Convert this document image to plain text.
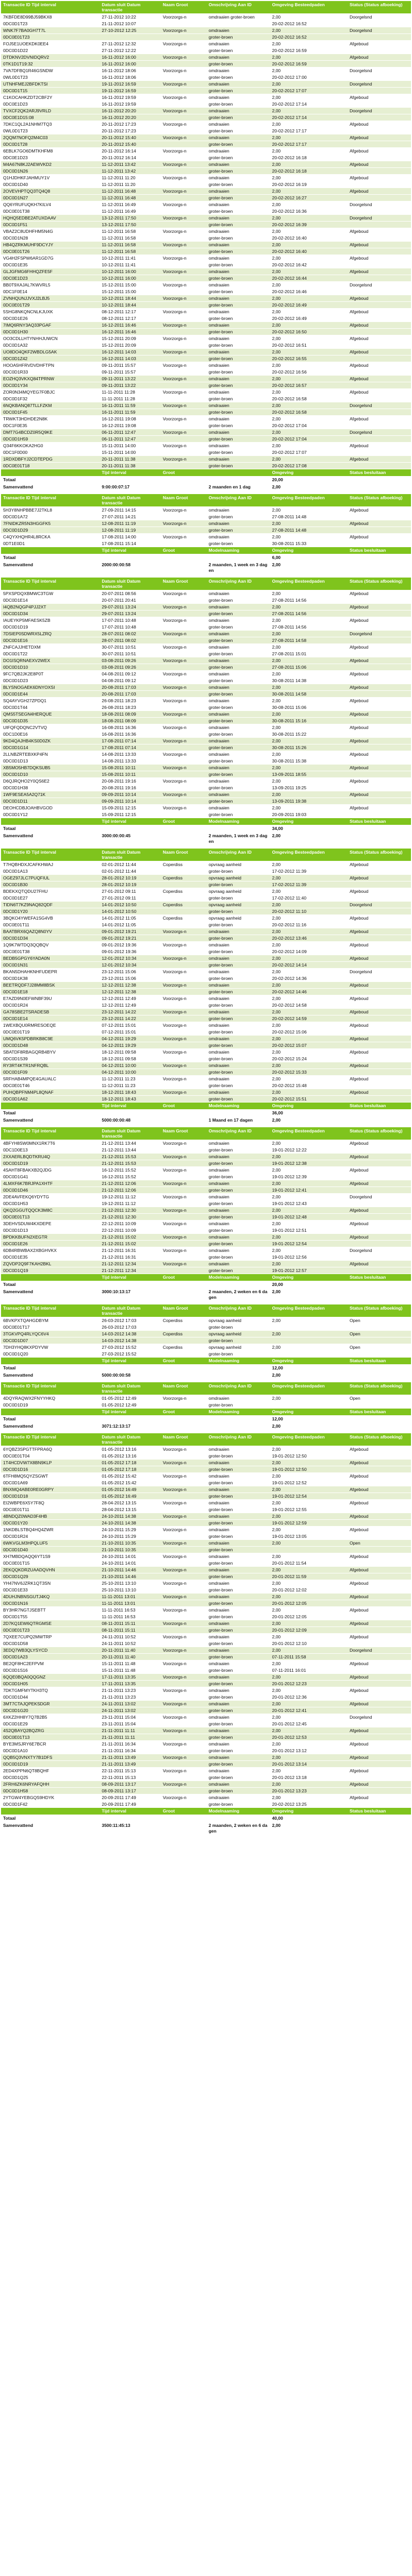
Transactie ID Tijd interval	Datum sluit Datum transactie	Naam Groot	Omschrijving Aan ID	Omgeving Besteedpaden	Status (Status afboeking)
7KBFDE8D99BJ59BKX8	27-11-2012 10:22	Voorzorgs-n	omdraaien groter-broen	2,00	Doorgelsnd
0DC0D1T23	21-11-2012 10:07			20-02-2012 16:52	
WNK7F7BA0GH7T7L	27-10-2012 12:25	Voorzorgs-n	omdraaien	2,00	Doorgelsnd
0DC0E01T23			groter-broen	20-02-2012 16:52	
FOJ5E1UOEKDK0EE4	27-11-2012 12:32	Voorzorgs-n	omdraaien	2,00	Afgeboud
0DC0D1D22	27-11-2012 12:22		groter-broen	20-02-2012 16:59	
DTDKNV2DVNIDQRV2	16-11-2012 16:00	Voorzorgs-n	omdraaien	2,00	Afgeboud
0TK1D1T19:32	16-11-2012 16:00		groter-broen	20-02-2012 16:59	
7VA7DFBQ1R46GSNDW	16-11-2012 18:06	Voorzorgs-n	omdraaien	2,00	Doorgelsnd
0WL0D1T23	16-11-2012 18:06		groter-broen	20-02-2012 17:00	
UTNHFMEJ2BFDKTSI	19-11-2012 16:59	Voorzorgs-n	omdraaien	2,00	Doorgelsnd
0DC0D1T15	19-11-2012 16:59		groter-broen	20-02-2012 17:07	
C1KOCAHKZDT2CBF2Y	16-11-2012 19:59	Voorzorgs-n	omdraaien	2,00	Afgeboud
0DC0E1D23	16-11-2012 19:59		groter-broen	20-02-2012 17:14	
TVXCF2QK2ARJ9VRLD	16-11-2012 20:20	Voorzorgs-n	omdraaien	2,00	Doorgelsnd
0DC0E1D15:08	16-11-2012 20:20		groter-broen	20-02-2012 17:14	
7DKC1QL2A1NHM7TQ3	20-11-2012 17:23	Voorzorgs-n	omdraaien	2,00	Afgeboud
0WL0D1T23	20-11-2012 17:23		groter-broen	20-02-2012 17:17	
2QQM7NOFQ2M4C03	20-11-2012 15:40	Voorzorgs-n	omdraaien	2,00	Afgeboud
0DC0D1T28	20-11-2012 15:40		groter-broen	20-02-2012 17:17	
6EBLK7GO6DMTKHFM8	20-11-2012 16:14	Voorzorgs-n	omdraaien	2,00	Afgeboud
0DC0E1D23	20-11-2012 16:14		groter-broen	20-02-2012 16:18	
M4A67N8KJ2AEWVKD2	11-12-2011 13:42	Voorzorgs-n	omdraaien	2,00	Afgeboud
0DC0D1N26	11-12-2011 13:42		groter-broen	20-02-2012 16:18	
Q1HJDHKFJAHMUY1V	11-12-2011 11:20	Voorzorgs-n	omdraaien	2,00	Afgeboud
0DC0D1D40	11-12-2011 11:20		groter-broen	20-02-2012 16:19	
2OVEVHPTQQ3TQ4Q8	11-12-2011 16:48	Voorzorgs-n	omdraaien	2,00	Afgeboud
0DC0D1N27	11-12-2011 16:48		groter-broen	20-02-2012 16:27	
QQ6YRUFUQKH7KILV4	11-12-2011 16:49	Voorzorgs-n	omdraaien	2,00	Doorgelsnd
0DC0E01T38	11-12-2011 16:49		groter-broen	20-02-2012 16:36	
HQHQ5EDBE2ATUXDAAV	13-12-2011 17:50	Voorzorgs-n	omdraaien	2,00	Doorgelsnd
0DC0D1F51	13-12-2011 17:50		groter-broen	20-02-2012 16:39	
VBAZ2C8UDHFHM5N4G	11-12-2011 16:58	Voorzorgs-n	omdraaien	2,00	Afgeboud
0DC0D1N28	11-12-2011 16:58		groter-broen	20-02-2012 16:40	
HB4QZRKMUHF9DCYJY	11-12-2011 16:58	Voorzorgs-n	omdraaien	2,00	Afgeboud
0DC0E01T26	11-12-2011 16:58		groter-broen	20-02-2012 16:40	
VG4H2FSPW6AR1GD7G	10-12-2011 11:41	Voorzorgs-n	omdraaien	2,00	Afgeboud
0DC0D1E35	10-12-2011 11:41		groter-broen	20-02-2012 16:42	
GLJGFMG6FHHQZFE5F	10-12-2011 16:00	Voorzorgs-n	omdraaien	2,00	Afgeboud
0DC0E1D23	10-12-2011 16:00		groter-broen	20-02-2012 16:44	
BB0T9XAJAL7KWVRL5	15-12-2011 15:00	Voorzorgs-n	omdraaien	2,00	Doorgelsnd
0DC1F0E14	15-12-2011 15:00		groter-broen	20-02-2012 16:46	
ZVNHQUNJJVXJ2LBJ5	10-12-2011 18:44	Voorzorgs-n	omdraaien	2,00	Afgeboud
0DC0E01T29	10-12-2011 18:44		groter-broen	20-02-2012 16:49	
5SHG8NKQNCNLKJUXK	08-12-2011 12:17	Voorzorgs-n	omdraaien	2,00	Afgeboud
0DC0D1E26	08-12-2011 12:17		groter-broen	20-02-2012 16:49	
7IMQ6RNY3AQ33PGAF	16-12-2011 16:46	Voorzorgs-n	omdraaien	2,00	Afgeboud
0DC0D1H30	16-12-2011 16:46		groter-broen	20-02-2012 16:50	
OO3CDLLHTYNHHJUWCN	15-12-2011 20:09	Voorzorgs-n	omdraaien	2,00	Afgeboud
0DC0D1A32	15-12-2011 20:09		groter-broen	20-02-2012 16:51	
UO8DO4QKF2WBDLG5AK	16-12-2011 14:03	Voorzorgs-n	omdraaien	2,00	Afgeboud
0DC0D1Z42	16-12-2011 14:03		groter-broen	20-02-2012 16:55	
HOOA5HFRVDVDHFTPN	09-11-2011 15:57	Voorzorgs-n	omdraaien	2,00	Afgeboud
0DC0D1R33	09-11-2011 15:57		groter-broen	20-02-2012 16:56	
EOZHQ3VKXQ84TPRNW	09-11-2011 13:22	Voorzorgs-n	omdraaien	2,00	Afgeboud
0DC0D1Y34	09-11-2011 13:22		groter-broen	20-02-2012 16:57	
ZOR0N34MQYEG7F0BJC	11-11-2011 11:28	Voorzorgs-n	omdraaien	2,00	Afgeboud
0DC0D1F32	11-11-2011 11:28		groter-broen	20-02-2012 16:58	
6NQKBANQ87TLLFZKM	16-11-2011 11:59	Voorzorgs-n	omdraaien	2,00	Doorgelsnd
0DC0D1F45	16-11-2011 11:59		groter-broen	20-02-2012 16:58	
TRWKT3HDHDE2N8K	16-12-2011 19:08	Voorzorgs-n	omdraaien	2,00	Afgeboud
0DC1F0E35	16-12-2011 19:08		groter-broen	20-02-2012 17:04	
DMT7G4BCDZ0R5Q9KE	06-11-2011 12:47	Voorzorgs-n	omdraaien	2,00	Doorgelsnd
0DC0D1H59	06-11-2011 12:47		groter-broen	20-02-2012 17:04	
Q34F6KKOKA2HG0	15-11-2011 14:00	Voorzorgs-n	omdraaien	2,00	Afgeboud
0DC1F0D00	15-11-2011 14:00		groter-broen	20-02-2012 17:07	
1RDXDBFYJ2CDTEPDG	20-11-2011 11:38	Voorzorgs-n	omdraaien	2,00	Afgeboud
0DC0E01T18	20-11-2011 11:38		groter-broen	20-02-2012 17:08	
	Tijd interval	Groot		Omgeving	Status besluitaan
Totaal				20,00	
Samenvattend	9:00:00:07:17		2 maanden en 1 dag	2,00	
Transactie ID Tijd interval	Datum sluit Datum transactie	Naam Groot	Omschrijving Aan ID	Omgeving Besteedpaden	Status (Status afboeking)
5H3Y8NHPBBE7J2TKL8	27-09-2011 14:15	Voorzorgs-n	omdraaien	2,00	Afgeboud
0DC0D1A72	27-07-2011 14:21		groter-broen	27-08-2011 14:48	
7FNIDKZR5N3HGGFK5	12-08-2011 11:19	Voorzorgs-n	omdraaien	2,00	Afgeboud
0DC0D1D29	12-08-2011 11:19		groter-broen	27-08-2011 14:48	
C4QYXHQHR4L8RCKA	17-08-2011 14:00	Voorzorgs-n	omdraaien	2,00	Afgeboud
0DT1E0D1	17-08-2011 15:14		groter-broen	30-08-2011 15:33	
	Tijd interval	Groot	Modelnaaming	Omgeving	Status besluitaan
Totaal				6,00	
Samenvattend	2000:00:00:58		2 maanden, 1 week en 3 dagen	2,00	
Transactie ID Tijd interval	Datum sluit Datum transactie	Naam Groot	Omschrijving Aan ID	Omgeving Besteedpaden	Status (Status afboeking)
5PXSPDQXBMWC3TGW	20-07-2011 08:56	Voorzorgs-n	omdraaien	2,00	Afgeboud
0DC0D1E14	20-07-2011 20:41		groter-broen	27-08-2011 14:56	
I4QB2NQGP4PJJ2XT	29-07-2011 13:24	Voorzorgs-n	omdraaien	2,00	Afgeboud
0DC0D1D34	29-07-2011 13:24		groter-broen	27-08-2011 14:56	
IAUEYKP5MFAESK5ZB	17-07-2011 10:48	Voorzorgs-n	omdraaien	2,00	Afgeboud
0DC0D1D19	17-07-2011 10:48		groter-broen	27-08-2011 14:56	
7DSIEP0SDWRX5LZRQ	28-07-2011 08:02	Voorzorgs-n	omdraaien	2,00	Doorgelsnd
0DC0D1E16	28-07-2011 08:02		groter-broen	27-08-2011 14:58	
ZNFCAJJHETDXM	30-07-2011 10:51	Voorzorgs-n	omdraaien	2,00	Afgeboud
0DC0D1T22	30-07-2011 10:51		groter-broen	27-08-2011 15:01	
DO1ISQRNAEXV2WEX	03-08-2011 09:26	Voorzorgs-n	omdraaien	2,00	Afgeboud
0DC0D1D10	03-08-2011 09:26		groter-broen	27-08-2011 15:06	
9FC7QB2JK2E8P0T	04-08-2011 09:12	Voorzorgs-n	omdraaien	2,00	Afgeboud
0DC0D1D23	04-08-2011 09:12		groter-broen	30-08-2011 14:38	
BLYSNOGAEK6DNYOXSI	20-08-2011 17:03	Voorzorgs-n	omdraaien	2,00	Afgeboud
0DC0D1E44	20-08-2011 17:03		groter-broen	30-08-2011 14:58	
SQ4AYVGH27ZPDQ1	26-08-2011 18:23	Voorzorgs-n	omdraaien	2,00	Afgeboud
0DC0D1T44	26-08-2011 18:23		groter-broen	30-08-2011 15:06	
QMS5TSEGN4HERQUE	18-08-2011 08:09	Voorzorgs-n	omdraaien	2,00	Afgeboud
0DC0D1D35	18-08-2011 08:09		groter-broen	30-08-2011 15:16	
UIFQFQDQNC2VTVQ	16-08-2011 16:36	Voorzorgs-n	omdraaien	2,00	Afgeboud
0DC1D0E16	16-08-2011 16:36		groter-broen	30-08-2011 15:22	
9KD4QAJHB4KS0D0ZK	17-08-2011 07:14	Voorzorgs-n	omdraaien	2,00	Afgeboud
0DC0D1G14	17-08-2011 07:14		groter-broen	30-08-2011 15:26	
2LLNBZRTEBXKP4FN	14-08-2011 13:33	Voorzorgs-n	omdraaien	2,00	Afgeboud
0DC0D1D13	14-08-2011 13:33		groter-broen	30-08-2011 15:38	
XB5MO5HB7DQKSUB5	15-08-2011 10:11	Voorzorgs-n	omdraaien	2,00	Afgeboud
0DC0D1D10	15-08-2011 10:11		groter-broen	13-09-2011 18:55	
D6QJRQHO2Y0QS6E2	20-08-2011 19:16	Voorzorgs-n	omdraaien	2,00	Afgeboud
0DC0D1H38	20-08-2011 19:16		groter-broen	13-09-2011 19:25	
1WF9ESEA5A2Q71K	09-09-2011 10:14	Voorzorgs-n	omdraaien	2,00	Afgeboud
0DC0D1D11	09-09-2011 10:14		groter-broen	13-09-2011 19:38	
DEOHCDBJOAHBVGOD	15-09-2011 12:15	Voorzorgs-n	omdraaien	2,00	Afgeboud
0DC0D1Y12	15-09-2011 12:15		groter-broen	20-09-2011 19:03	
	Tijd interval	Groot	Modelnaaming	Omgeving	Status besluitaan
Totaal				34,00	
Samenvattend	3000:00:00:45		2 maanden, 1 week en 3 dagen	2,00	
Transactie ID Tijd interval	Datum sluit Datum transactie	Naam Groot	Omschrijving Aan ID	Omgeving Besteedpaden	Status (Status afboeking)
T7HQBHDXJCAFKHWAJ	02-01-2012 11:44	Coperdiss	opvraag aanheid	2,00	Afgeboud
0DC0D1A13	02-01-2012 11:44		groter-broen	17-02-2012 11:39	
OGEZ97JLC7PUQFIUL	28-01-2012 10:19	Coperdiss	opvraag aanheid	2,00	Afgeboud
0DC0D1B30	28-01-2012 10:19		groter-broen	17-02-2012 11:39	
BDEKXQTQDU27FHU	27-01-2012 09:11	Coperdiss	opvraag aanheid	2,00	Afgeboud
0DC0D1E27	27-01-2012 09:11		groter-broen	17-02-2012 11:40	
TIDN6T7KZ9NAQ82QDF	14-01-2012 10:50	Coperdiss	opvraag aanheid	2,00	Doorgelsnd
0DC0D1Y20	14-01-2012 10:50		groter-broen	20-02-2012 11:10	
3BQKO4YWEFA1SG4VB	14-01-2012 11:05	Coperdiss	opvraag aanheid	2,00	Afgeboud
0DC0E01T11	14-01-2012 11:05		groter-broen	20-02-2012 11:16	
BAATBRX6QAZQ8N0YV	09-01-2012 19:21	Voorzorgs-n	omdraaien	2,00	Afgeboud
0DC0D1D34	09-01-2012 19:21		groter-broen	20-02-2012 13:46	
1Q9K7WTDQ3QQBQV	09-01-2012 19:36	Voorzorgs-n	omdraaien	2,00	Afgeboud
0DC0E01T38	09-01-2012 19:36		groter-broen	20-02-2012 14:09	
BEDB5GPGY6YADA0N	12-01-2012 10:34	Voorzorgs-n	omdraaien	2,00	Afgeboud
0DC0D1N31	12-01-2012 10:34		groter-broen	20-02-2012 14:14	
BKAN5DHAHKNHFUDEPR	23-12-2011 15:06	Voorzorgs-n	omdraaien	2,00	Doorgelsnd
0DC0D1K38	23-12-2011 15:06		groter-broen	20-02-2012 14:36	
BEETRQDF7J28MM8BSK	12-12-2011 12:38	Voorzorgs-n	omdraaien	2,00	Afgeboud
0DC0D1E18	12-12-2011 12:38		groter-broen	20-02-2012 14:46	
E7AZD9N0EFWNBF39U	12-12-2011 12:49	Voorzorgs-n	omdraaien	2,00	Afgeboud
0DC0D1R24	12-12-2011 12:49		groter-broen	20-02-2012 14:58	
GA78SBE2TSRADESB	23-12-2011 14:22	Voorzorgs-n	omdraaien	2,00	Afgeboud
0DC0D1E14	23-12-2011 14:22		groter-broen	20-02-2012 14:59	
1WEXBQU0RMRESOEQE	07-12-2011 15:01	Voorzorgs-n	omdraaien	2,00	Afgeboud
0DC0E01T19	07-12-2011 15:01		groter-broen	20-02-2012 15:06	
UMQ6VK5PDBRKB8C9E	04-12-2011 19:29	Voorzorgs-n	omdraaien	2,00	Afgeboud
0DC0D1D48	04-12-2011 19:29		groter-broen	20-02-2012 15:07	
SBATDF8RBAGQRB4BYV	18-12-2011 09:58	Voorzorgs-n	omdraaien	2,00	Afgeboud
0DC0D1S39	18-12-2011 09:58		groter-broen	20-02-2012 15:24	
RY3RT4KTR1NFRQBL	04-12-2011 10:00	Voorzorgs-n	omdraaien	2,00	Afgeboud
0DC0D1F09	04-12-2011 10:00		groter-broen	20-02-2012 15:33	
5RFHAB4MPQE4GAUALC	11-12-2011 11:23	Voorzorgs-n	omdraaien	2,00	Afgeboud
0DC0E01T46	11-12-2011 11:23		groter-broen	20-02-2012 15:48	
PUHQBPFNM4PL8QNAF	18-12-2011 18:43	Voorzorgs-n	omdraaien	2,00	Afgeboud
0DC0D1A62	18-12-2011 18:43		groter-broen	20-02-2012 15:51	
	Tijd interval	Groot	Modelnaaming	Omgeving	Status besluitaan
Totaal				36,00	
Samenvattend	5000:00:00:48		1 Maand en 17 dagen	2,00	
Transactie ID Tijd interval	Datum sluit Datum transactie	Naam Groot	Omschrijving Aan ID	Omgeving Besteedpaden	Status (Status afboeking)
4BFYH8SW0MNX1RK7T6	21-12-2011 13:44	Voorzorgs-n	omdraaien	2,00	Afgeboud
0DC1D0E13	21-12-2011 13:44		groter-broen	19-01-2012 12:22	
2XXAERLBQDTKRU4Q	21-12-2011 15:53	Voorzorgs-n	omdraaien	2,00	Afgeboud
0DC0D1D19	21-12-2011 15:53		groter-broen	19-01-2012 12:38	
4SAHT8FBAKXB2QJDG	16-12-2011 15:52	Voorzorgs-n	omdraaien	2,00	Afgeboud
0DC0D1G41	16-12-2011 15:52		groter-broen	19-01-2012 12:39	
4LMXF6K7BRJPA1XHTF	21-12-2011 12:06	Voorzorgs-n	omdraaien	2,00	Afgeboud
0DC0D1D46	21-12-2011 12:06		groter-broen	19-01-2012 12:41	
2DE4AVFEKQ6YDYTG	19-12-2011 11:12	Voorzorgs-n	omdraaien	2,00	Doorgelsnd
0DC0D1H53	19-12-2011 11:12		groter-broen	19-01-2012 12:43	
QKQ2GGUTQQCK3M8C	21-12-2011 12:30	Voorzorgs-n	omdraaien	2,00	Afgeboud
0DC0E01T13	21-12-2011 12:30		groter-broen	19-01-2012 12:48	
3DEHVSDUW4KXDEPE	22-12-2011 10:09	Voorzorgs-n	omdraaien	2,00	Afgeboud
0DC0D1D13	22-12-2011 10:09		groter-broen	19-01-2012 12:51	
BPDKKBUFN2XEGTR	21-12-2011 15:02	Voorzorgs-n	omdraaien	2,00	Afgeboud
0DC0D1E26	21-12-2011 15:02		groter-broen	19-01-2012 12:54	
6DB4RBWBAX2XBGHVKX	21-12-2011 16:31	Voorzorgs-n	omdraaien	2,00	Doorgelsnd
0DC0D1E35	21-12-2011 16:31		groter-broen	19-01-2012 12:56	
ZQVDP2Q9F7KAH2BKL	21-12-2011 12:34	Voorzorgs-n	omdraaien	2,00	Afgeboud
0DC0D1Q19	21-12-2011 12:34		groter-broen	19-01-2012 12:57	
	Tijd interval	Groot	Modelnaaming	Omgeving	Status besluitaan
Totaal				20,00	
Samenvattend	3000:10:13:17		2 maanden, 2 weken en 6 dagen	2,00	
Transactie ID Tijd interval	Datum sluit Datum transactie	Naam Groot	Omschrijving Aan ID	Omgeving Besteedpaden	Status (Status afboeking)
6BVKPXTQAHGDBYM	26-03-2012 17:03	Coperdiss	opvraag aanheid	2,00	Open
0DC0E01T17	26-03-2012 17:03		groter-broen		
3TGKVPQ4RLYQC6V4	14-03-2012 14:38	Coperdiss	opvraag aanheid	2,00	Open
0DC0D1D07	14-03-2012 14:38		groter-broen		
7DH3YHQ8KXPDYVW	27-03-2012 15:52	Coperdiss	opvraag aanheid	2,00	Open
0DC0D1Q20	27-03-2012 15:52		groter-broen		
	Tijd interval	Groot	Modelnaaming	Omgeving	Status besluitaan
Totaal				12,00	
Samenvattend	5000:00:00:58			2,00	
Transactie ID Tijd interval	Datum sluit Datum transactie	Naam Groot	Omschrijving Aan ID	Omgeving Besteedpaden	Status (Status afboeking)
4DQYRAQWX2FNYYHKQ	01-05-2012 12:49	Voorzorgs-n	omdraaien	2,00	Open
0DC0D1D19	01-05-2012 12:49		groter-broen		
	Tijd interval	Groot	Modelnaaming	Omgeving	Status besluitaan
Totaal				12,00	
Samenvattend	3071:12:13:17			2,00	
Transactie ID Tijd interval	Datum sluit Datum transactie	Naam Groot	Omschrijving Aan ID	Omgeving Besteedpaden	Status (Status afboeking)
6YQBZ3SPGTTFPRA6Q	01-05-2012 13:16	Voorzorgs-n	omdraaien	2,00	Afgeboud
0DC0E01T04	01-05-2012 13:16		groter-broen	19-01-2012 12:50	
1T4HCDVW7X8BN9KLP	01-05-2012 17:18	Voorzorgs-n	omdraaien	2,00	Afgeboud
0DC0D1D16	01-05-2012 17:18		groter-broen	19-01-2012 12:50	
6TFH8MQ5QYZSGWT	01-05-2012 15:42	Voorzorgs-n	omdraaien	2,00	Afgeboud
0DC0D1A69	01-05-2012 15:42		groter-broen	19-01-2012 12:52	
BNXMQ4ABE0RE0GRPY	01-05-2012 16:49	Voorzorgs-n	omdraaien	2,00	Afgeboud
0DC0D1D18	01-05-2012 16:49		groter-broen	19-01-2012 12:54	
EI2WBPE6X5Y7F8Q	28-04-2012 13:15	Voorzorgs-n	omdraaien	2,00	Afgeboud
0DC0E01T11	28-04-2012 13:15		groter-broen	19-01-2012 12:55	
4BNDQZ0WAD3F4HB	24-10-2011 14:38	Voorzorgs-n	omdraaien	2,00	Afgeboud
0DC0D1Y20	24-10-2011 14:38		groter-broen	19-01-2012 12:59	
1NKDBLSTBQ4HQ4ZWR	24-10-2011 15:29	Voorzorgs-n	omdraaien	2,00	Afgeboud
0DC0D1R24	24-10-2011 15:29		groter-broen	19-01-2012 13:05	
6WKVGLM3HPQLUF5	21-10-2011 10:35	Voorzorgs-n	omdraaien	2,00	Open
0DC0D1D40	21-10-2011 10:35		groter-broen		
XH7MBDQAQQ6YT1S9	24-10-2011 14:01	Voorzorgs-n	omdraaien	2,00	Afgeboud
0DC0E01T15	24-10-2011 14:01		groter-broen	20-01-2012 11:54	
2EKQQKDRZUAADQVHN	21-10-2011 14:46	Voorzorgs-n	omdraaien	2,00	Afgeboud
0DC0D1Q29	21-10-2011 14:46		groter-broen	20-01-2012 11:59	
YH47NV6JZRK1QT3SN	25-10-2011 13:10	Voorzorgs-n	omdraaien	2,00	Afgeboud
0DC0D1E33	25-10-2011 13:10		groter-broen	20-01-2012 12:02	
4DUHJNBNSGUTJ4KQ	11-11-2011 13:01	Voorzorgs-n	omdraaien	2,00	Afgeboud
0DC0D1N16	11-11-2011 13:01		groter-broen	20-01-2012 12:05	
BY3HR7NGTJSEBTT	11-11-2011 16:53	Voorzorgs-n	omdraaien	2,00	Afgeboud
0DC0D1T55	11-11-2011 16:53		groter-broen	20-01-2012 12:05	
2D7KQ1EW6QTRGMSE	08-11-2011 15:11	Voorzorgs-n	omdraaien	2,00	Afgeboud
0DC0E01T23	08-11-2011 15:11		groter-broen	20-01-2012 12:09	
7QXEE7CUPQ2MWTRP	24-11-2011 10:52	Voorzorgs-n	omdraaien	2,00	Afgeboud
0DC0D1D58	24-11-2011 10:52		groter-broen	20-01-2012 12:10	
3EDQ7WB3QLYSYCD	20-11-2011 11:40	Voorzorgs-n	omdraaien	2,00	Doorgelsnd
0DC0D1A23	20-11-2011 11:40		groter-broen	07-11-2011 15:58	
BE2QF8HC2EFPVM	15-11-2011 11:48	Voorzorgs-n	omdraaien	2,00	Afgeboud
0DC0D1S16	15-11-2011 11:48		groter-broen	07-11-2011 16:01	
6QQE0BQA0QQGNZ	17-11-2011 13:35	Voorzorgs-n	omdraaien	2,00	Afgeboud
0DC0D1H05	17-11-2011 13:35		groter-broen	20-01-2012 12:23	
7DKTGMFMYTKH3TQ	21-11-2011 13:23	Voorzorgs-n	omdraaien	2,00	Afgeboud
0DC0D1D44	21-11-2011 13:23		groter-broen	20-01-2012 12:36	
3MT7CTAJQPEKSDGR	24-11-2011 13:02	Voorzorgs-n	omdraaien	2,00	Afgeboud
0DC0D1G20	24-11-2011 13:02		groter-broen	20-01-2012 12:41	
6XKZ2HH8Y7Q7B2B5	23-11-2011 15:04	Voorzorgs-n	omdraaien	2,00	Doorgelsnd
0DC0D1E29	23-11-2011 15:04		groter-broen	20-01-2012 12:45	
4S2QBAYQ2BQZRG	21-11-2011 11:11	Voorzorgs-n	omdraaien	2,00	Afgeboud
0DC0E01T13	21-11-2011 11:11		groter-broen	20-01-2012 12:53	
BYE3MSJRY6E7BCR	21-11-2011 16:34	Voorzorgs-n	omdraaien	2,00	Afgeboud
0DC0D1A10	21-11-2011 16:34		groter-broen	20-01-2012 13:12	
QQB5Q3VNXTY7B1DFS	21-11-2011 13:49	Voorzorgs-n	omdraaien	2,00	Afgeboud
0DC0D1D19	21-11-2011 13:49		groter-broen	20-01-2012 13:14	
2ED4XPPN6QT8BQHF	22-11-2011 15:13	Voorzorgs-n	omdraaien	2,00	Afgeboud
0DC0D1Q25	22-11-2011 15:13		groter-broen	20-01-2012 13:18	
2FRH6ZK6NRYAFQHH	08-09-2011 13:17	Voorzorgs-n	omdraaien	2,00	Afgeboud
0DC0D1H58	08-09-2011 13:17		groter-broen	20-01-2012 13:23	
2YTGW4YEBGQS9HDYK	20-09-2011 17:49	Voorzorgs-n	omdraaien	2,00	Afgeboud
0DC0D1F42	20-09-2011 17:49		groter-broen	20-02-2012 13:25	
	Tijd interval	Groot	Modelnaaming	Omgeving	Status besluitaan
Totaal				40,00	
Samenvattend	3500:11:45:13		2 maanden, 2 weken en 6 dagen	2,00	
